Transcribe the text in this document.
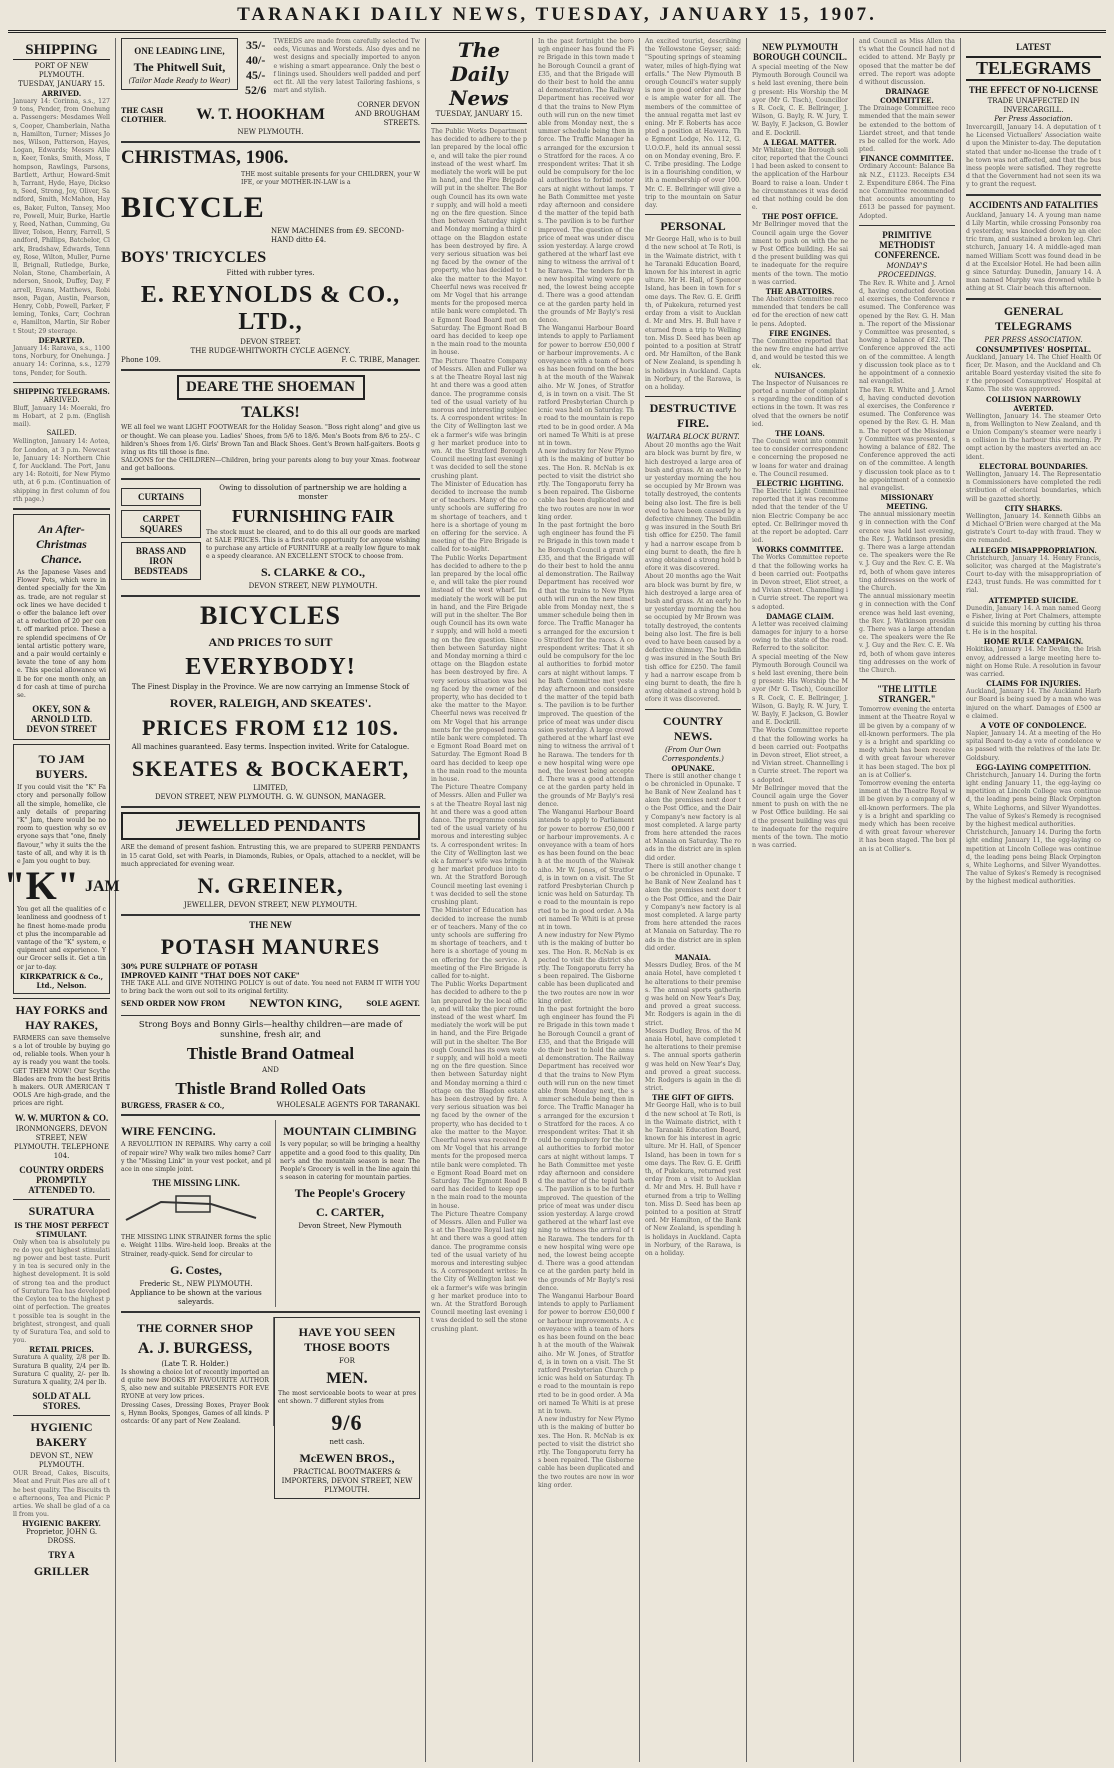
TARANAKI DAILY NEWS, TUESDAY, JANUARY 15, 1907.
SHIPPING
PORT OF NEW PLYMOUTH.
TUESDAY, JANUARY 15.
ARRIVED.
January 14: Corinna, s.s., 1279 tons, Pender, from Onehunga. Passengers: Mesdames Wells, Cooper, Chamberlain, Nathan, Hamilton, Turner; Misses Jones, Wilson, Patterson, Hayes, Logan, Edwards; Messrs Allen, Keer, Tonks, Smith, Moss, Thompson, Rawlings, Parsons, Bartlett, Arthur, Howard-Smith, Tarrant, Hyde, Haye, Dickson, Seed, Strong, Joy, Oliver, Sandford, Smith, McMahon, Hayes, Baker, Fulton, Tansey, Moore, Powell, Muir, Burke, Hartley, Reed, Nathan, Cumming, Gulliver, Tolson, Henry, Farrell, Sandford, Phillips, Batchelor, Clark, Bradshaw, Edwards, Tenney, Rose, Wilton, Muller, Purnell, Brignall, Rutledge, Burke, Nolan, Stone, Chamberlain, Anderson, Snook, Duffey, Day, Farrell, Evans, Matthews, Robinson, Pagan, Austin, Pearson, Henry, Cobb, Powell, Parker, Fleming, Tonks, Carr, Cochrane, Hamilton, Martin, Sir Robert Stout; 29 steerage.
DEPARTED.
January 14: Rarawa, s.s., 1100 tons, Norbury, for Onehunga. January 14: Corinna, s.s., 1279 tons, Pender, for South.
SHIPPING TELEGRAMS.
ARRIVED.
Bluff, January 14: Moeraki, from Hobart, at 2 p.m. (English mail).
SAILED.
Wellington, January 14: Aotea, for London, at 3 p.m. Newcastle, January 14: Northern Chief, for Auckland. The Port, January 14: Rotoiti, for New Plymouth, at 6 p.m. (Continuation of shipping in first column of fourth page.)
An After-Christmas Chance.
As the Japanese Vases and Flower Pots, which were indented specially for the Xmas. trade, are not regular stock lines we have decided to offer the balance left over at a reduction of 20 per cent. off marked price. These are splendid specimens of Oriental artistic pottery ware, and a pair would certainly elevate the tone of any home. This special allowance will be for one month only, and for cash at time of purchase.
OKEY, SON & ARNOLD LTD. DEVON STREET
TO JAM BUYERS.
If you could visit the "K" Factory and personally follow all the simple, homelike, cleanly details of preparing "K" Jam, there would be no room to question why so everyone says that "one, finely flavour," why it suits the the taste of all, and why it is the Jam you ought to buy.
"K" JAM
You get all the qualities of cleanliness and goodness of the finest home-made product plus the incomparable advantage of the "K" system, equipment and experience. Your Grocer sells it. Get a tin or jar to-day.
KIRKPATRICK & Co., Ltd., Nelson.
HAY FORKS and HAY RAKES,
FARMERS can save themselves a lot of trouble by buying good, reliable tools. When your hay is ready you want the tools. GET THEM NOW! Our Scythe Blades are from the best British makers. OUR AMERICAN TOOLS Are high-grade, and the prices are right.
W. W. MURTON & CO.
IRONMONGERS, DEVON STREET, NEW PLYMOUTH. TELEPHONE 104.
COUNTRY ORDERS PROMPTLY ATTENDED TO.
SURATURA
IS THE MOST PERFECT STIMULANT.
Only when tea is absolutely pure do you get highest stimulating power and best taste. Purity in tea is secured only in the highest development. It is sold of strong tea and the product of Suratura Tea has developed the Ceylon tea to the highest point of perfection. The greatest possible tea is sought in the brightest, strongest, and quality of Suratura Tea, and sold to you.
RETAIL PRICES.
Suratura A quality, 2/8 per lb. Suratura B quality, 2/4 per lb. Suratura C quality, 2/- per lb. Suratura X quality, 2/4 per lb.
SOLD AT ALL STORES.
HYGIENIC BAKERY
DEVON ST., NEW PLYMOUTH.
OUR Bread, Cakes, Biscuits, Meat and Fruit Pies are all of the best quality. The Biscuits the afternoons, Tea and Picnic Parties. We shall be glad of a call from you.
HYGIENIC BAKERY.
Proprietor, JOHN G. DROSS.
TRY A
GRILLER
ONE LEADING LINE,
The Phitwell Suit,
(Tailor Made Ready to Wear)
35/-
40/-
45/-
52/6
TWEEDS are made from carefully selected Tweeds, Vicunas and Worsteds. Also dyes and newest designs and specially imported to anyone wishing a smart appearance. Only the best of linings used. Shoulders well padded and perfect fit. All the very latest Tailoring fashions, smart and stylish.
THE CASH CLOTHIER. W. T. HOOKHAM
CORNER DEVON AND BROUGHAM STREETS.
NEW PLYMOUTH.
CHRISTMAS, 1906.
THE most suitable presents for your CHILDREN, your WIFE, or your MOTHER-IN-LAW is a
BICYCLE
NEW MACHINES from £9. SECOND-HAND ditto £4.
BOYS' TRICYCLES
Fitted with rubber tyres.
E. REYNOLDS & CO., LTD.,
DEVON STREET.
THE RUDGE-WHITWORTH CYCLE AGENCY.
Phone 109.	F. C. TRIBE, Manager.
DEARE THE SHOEMAN
TALKS!
WE all feel we want LIGHT FOOTWEAR for the Holiday Season. "Boss right along" and give us or thought. We can please you. Ladies' Shoes, from 5/6 to 18/6. Men's Boots from 8/6 to 25/-. Children's Shoes from 1/6. Girls' Brown Tan and Black Shoes. Gent's Brown half-gaiters. Boots giving us fits till those is fine.
SALOONS for the CHILDREN—Children, bring your parents along to buy your Xmas. footwear and get balloons.
CURTAINS
CARPET SQUARES
BRASS AND IRON BEDSTEADS
Owing to dissolution of partnership we are holding a monster
FURNISHING FAIR
The stock must be cleared, and to do this all our goods are marked at SALE PRICES. This is a first-rate opportunity for anyone wishing to purchase any article of FURNITURE at a really low figure to make a speedy clearance. AN EXCELLENT STOCK to choose from.
S. CLARKE & CO.,
DEVON STREET, NEW PLYMOUTH.
BICYCLES
AND PRICES TO SUIT
EVERYBODY!
The Finest Display in the Province. We are now carrying an Immense Stock of
ROVER, RALEIGH, AND SKEATES'.
PRICES FROM £12 10S.
All machines guaranteed. Easy terms. Inspection invited. Write for Catalogue.
SKEATES & BOCKAERT,
LIMITED,
DEVON STREET, NEW PLYMOUTH. G. W. GUNSON, MANAGER.
JEWELLED PENDANTS
ARE the demand of present fashion. Entrusting this, we are prepared to SUPERB PENDANTS in 15 carat Gold, set with Pearls, in Diamonds, Rubies, or Opals, attached to a necklet, will be much appreciated for evening wear.
N. GREINER,
JEWELLER, DEVON STREET, NEW PLYMOUTH.
THE NEW
POTASH MANURES
30% PURE SULPHATE OF POTASH
IMPROVED KAINIT "THAT DOES NOT CAKE"
THE TAKE ALL and GIVE NOTHING POLICY is out of date. You need not FARM IT WITH YOU to bring back the worn out soil to its original fertility.
SEND ORDER NOW FROM NEWTON KING,	SOLE AGENT.
Strong Boys and Bonny Girls—healthy children—are made of sunshine, fresh air, and
Thistle Brand Oatmeal
AND
Thistle Brand Rolled Oats
BURGESS, FRASER & CO.,	WHOLESALE AGENTS FOR TARANAKI.
WIRE FENCING.
A REVOLUTION IN REPAIRS. Why carry a coil of repair wire? Why walk two miles home? Carry the "Missing Link" in your vest pocket, and place in one simple joint.
THE MISSING LINK.
THE MISSING LINK STRAINER forms the splice. Weight 11lbs. Wire-held loop. Breaks at the Strainer, ready-quick. Send for circular to
G. Costes,
Frederic St., NEW PLYMOUTH.
Appliance to be shown at the various saleyards.
MOUNTAIN CLIMBING
Is very popular, so will be bringing a healthy appetite and a good food to this quality, Dinner's and the mountain season is near. The People's Grocery is well in the line again this season in catering for mountain parties.
The People's Grocery
C. CARTER,
Devon Street, New Plymouth
THE CORNER SHOP
A. J. BURGESS,
(Late T. R. Holder.)
Is showing a choice lot of recently imported and quite new BOOKS BY FAVOURITE AUTHORS, also new and suitable PRESENTS FOR EVERYONE at very low prices.
Dressing Cases, Dressing Boxes, Prayer Books, Hymn Books, Sponges, Games of all kinds. Postcards: Of any part of New Zealand.
HAVE YOU SEEN THOSE BOOTS
FOR
MEN.
The most serviceable boots to wear at present shown. 7 different styles from
9/6
nett cash.
McEWEN BROS.,
PRACTICAL BOOTMAKERS & IMPORTERS, DEVON STREET, NEW PLYMOUTH.
The Daily News
TUESDAY, JANUARY 15.
The Public Works Department has decided to adhere to the plan prepared by the local office, and will take the pier round instead of the west wharf. Immediately the work will be put in hand, and the Fire Brigade will put in the shelter. The Borough Council has its own water supply, and will hold a meeting on the fire question. Since then between Saturday night and Monday morning a third cottage on the Blagdon estate has been destroyed by fire. A very serious situation was being faced by the owner of the property, who has decided to take the matter to the Mayor. Cheerful news was received from Mr Vogel that his arrangements for the proposed mercantile bank were completed. The Egmont Road Board met on Saturday. The Egmont Road Board has decided to keep open the main road to the mountain house.
The Picture Theatre Company of Messrs. Allen and Fuller was at the Theatre Royal last night and there was a good attendance. The programme consisted of the usual variety of humorous and interesting subjects. A correspondent writes: In the City of Wellington last week a farmer's wife was bringing her market produce into town. At the Stratford Borough Council meeting last evening it was decided to sell the stone crushing plant.
The Minister of Education has decided to increase the number of teachers. Many of the county schools are suffering from shortage of teachers, and there is a shortage of young men offering for the service. A meeting of the Fire Brigade is called for to-night.
The Public Works Department has decided to adhere to the plan prepared by the local office, and will take the pier round instead of the west wharf. Immediately the work will be put in hand, and the Fire Brigade will put in the shelter. The Borough Council has its own water supply, and will hold a meeting on the fire question. Since then between Saturday night and Monday morning a third cottage on the Blagdon estate has been destroyed by fire. A very serious situation was being faced by the owner of the property, who has decided to take the matter to the Mayor. Cheerful news was received from Mr Vogel that his arrangements for the proposed mercantile bank were completed. The Egmont Road Board met on Saturday. The Egmont Road Board has decided to keep open the main road to the mountain house.
The Picture Theatre Company of Messrs. Allen and Fuller was at the Theatre Royal last night and there was a good attendance. The programme consisted of the usual variety of humorous and interesting subjects. A correspondent writes: In the City of Wellington last week a farmer's wife was bringing her market produce into town. At the Stratford Borough Council meeting last evening it was decided to sell the stone crushing plant.
The Minister of Education has decided to increase the number of teachers. Many of the county schools are suffering from shortage of teachers, and there is a shortage of young men offering for the service. A meeting of the Fire Brigade is called for to-night.
The Public Works Department has decided to adhere to the plan prepared by the local office, and will take the pier round instead of the west wharf. Immediately the work will be put in hand, and the Fire Brigade will put in the shelter. The Borough Council has its own water supply, and will hold a meeting on the fire question. Since then between Saturday night and Monday morning a third cottage on the Blagdon estate has been destroyed by fire. A very serious situation was being faced by the owner of the property, who has decided to take the matter to the Mayor. Cheerful news was received from Mr Vogel that his arrangements for the proposed mercantile bank were completed. The Egmont Road Board met on Saturday. The Egmont Road Board has decided to keep open the main road to the mountain house.
The Picture Theatre Company of Messrs. Allen and Fuller was at the Theatre Royal last night and there was a good attendance. The programme consisted of the usual variety of humorous and interesting subjects. A correspondent writes: In the City of Wellington last week a farmer's wife was bringing her market produce into town. At the Stratford Borough Council meeting last evening it was decided to sell the stone crushing plant.
In the past fortnight the borough engineer has found the Fire Brigade in this town made the Borough Council a grant of £35, and that the Brigade will do their best to hold the annual demonstration. The Railway Department has received word that the trains to New Plymouth will run on the new timetable from Monday next, the summer schedule being then in force. The Traffic Manager has arranged for the excursion to Stratford for the races. A correspondent writes: That it should be compulsory for the local authorities to forbid motor cars at night without lamps. The Bath Committee met yesterday afternoon and considered the matter of the tepid baths. The pavilion is to be further improved. The question of the price of meat was under discussion yesterday. A large crowd gathered at the wharf last evening to witness the arrival of the Rarawa. The tenders for the new hospital wing were opened, the lowest being accepted. There was a good attendance at the garden party held in the grounds of Mr Bayly's residence.
The Wanganui Harbour Board intends to apply to Parliament for power to borrow £50,000 for harbour improvements. A conveyance with a team of horses has been found on the beach at the mouth of the Waiwakaiho. Mr W. Jones, of Stratford, is in town on a visit. The Stratford Presbyterian Church picnic was held on Saturday. The road to the mountain is reported to be in good order. A Maori named Te Whiti is at present in town.
A new industry for New Plymouth is the making of butter boxes. The Hon. R. McNab is expected to visit the district shortly. The Tongaporutu ferry has been repaired. The Gisborne cable has been duplicated and the two routes are now in working order.
In the past fortnight the borough engineer has found the Fire Brigade in this town made the Borough Council a grant of £35, and that the Brigade will do their best to hold the annual demonstration. The Railway Department has received word that the trains to New Plymouth will run on the new timetable from Monday next, the summer schedule being then in force. The Traffic Manager has arranged for the excursion to Stratford for the races. A correspondent writes: That it should be compulsory for the local authorities to forbid motor cars at night without lamps. The Bath Committee met yesterday afternoon and considered the matter of the tepid baths. The pavilion is to be further improved. The question of the price of meat was under discussion yesterday. A large crowd gathered at the wharf last evening to witness the arrival of the Rarawa. The tenders for the new hospital wing were opened, the lowest being accepted. There was a good attendance at the garden party held in the grounds of Mr Bayly's residence.
The Wanganui Harbour Board intends to apply to Parliament for power to borrow £50,000 for harbour improvements. A conveyance with a team of horses has been found on the beach at the mouth of the Waiwakaiho. Mr W. Jones, of Stratford, is in town on a visit. The Stratford Presbyterian Church picnic was held on Saturday. The road to the mountain is reported to be in good order. A Maori named Te Whiti is at present in town.
A new industry for New Plymouth is the making of butter boxes. The Hon. R. McNab is expected to visit the district shortly. The Tongaporutu ferry has been repaired. The Gisborne cable has been duplicated and the two routes are now in working order.
In the past fortnight the borough engineer has found the Fire Brigade in this town made the Borough Council a grant of £35, and that the Brigade will do their best to hold the annual demonstration. The Railway Department has received word that the trains to New Plymouth will run on the new timetable from Monday next, the summer schedule being then in force. The Traffic Manager has arranged for the excursion to Stratford for the races. A correspondent writes: That it should be compulsory for the local authorities to forbid motor cars at night without lamps. The Bath Committee met yesterday afternoon and considered the matter of the tepid baths. The pavilion is to be further improved. The question of the price of meat was under discussion yesterday. A large crowd gathered at the wharf last evening to witness the arrival of the Rarawa. The tenders for the new hospital wing were opened, the lowest being accepted. There was a good attendance at the garden party held in the grounds of Mr Bayly's residence.
The Wanganui Harbour Board intends to apply to Parliament for power to borrow £50,000 for harbour improvements. A conveyance with a team of horses has been found on the beach at the mouth of the Waiwakaiho. Mr W. Jones, of Stratford, is in town on a visit. The Stratford Presbyterian Church picnic was held on Saturday. The road to the mountain is reported to be in good order. A Maori named Te Whiti is at present in town.
A new industry for New Plymouth is the making of butter boxes. The Hon. R. McNab is expected to visit the district shortly. The Tongaporutu ferry has been repaired. The Gisborne cable has been duplicated and the two routes are now in working order.
An excited tourist, describing the Yellowstone Geyser, said: "Spouting springs of steaming water, miles of high-flying waterfalls." The New Plymouth Borough Council's water supply is now in good order and there is ample water for all. The members of the committee of the annual regatta met last evening. Mr F. Roberts has accepted a position at Hawera. The Egmont Lodge, No. 112, G.U.O.O.F., held its annual session on Monday evening, Bro. F. C. Tribe presiding. The Lodge is in a flourishing condition, with a membership of over 100. Mr. C. E. Bellringer will give a trip to the mountain on Saturday.
PERSONAL
Mr George Hall, who is to build the new school at Te Roti, is in the Waimate district, with the Taranaki Education Board, known for his interest in agriculture. Mr H. Hall, of Spencer Island, has been in town for some days. The Rev. G. E. Griffith, of Pukekura, returned yesterday from a visit to Auckland. Mr and Mrs. H. Bull have returned from a trip to Wellington. Miss D. Seed has been appointed to a position at Stratford. Mr Hamilton, of the Bank of New Zealand, is spending his holidays in Auckland. Captain Norbury, of the Rarawa, is on a holiday.
DESTRUCTIVE FIRE.
WAITARA BLOCK BURNT.
About 20 months ago the Waitara block was burnt by fire, which destroyed a large area of bush and grass. At an early hour yesterday morning the house occupied by Mr Brown was totally destroyed, the contents being also lost. The fire is believed to have been caused by a defective chimney. The building was insured in the South British office for £250. The family had a narrow escape from being burnt to death, the fire having obtained a strong hold before it was discovered.
About 20 months ago the Waitara block was burnt by fire, which destroyed a large area of bush and grass. At an early hour yesterday morning the house occupied by Mr Brown was totally destroyed, the contents being also lost. The fire is believed to have been caused by a defective chimney. The building was insured in the South British office for £250. The family had a narrow escape from being burnt to death, the fire having obtained a strong hold before it was discovered.
COUNTRY NEWS.
(From Our Own Correspondents.)
OPUNAKE.
There is still another change to be chronicled in Opunake. The Bank of New Zealand has taken the premises next door to the Post Office, and the Dairy Company's new factory is almost completed. A large party from here attended the races at Manaia on Saturday. The roads in the district are in splendid order.
There is still another change to be chronicled in Opunake. The Bank of New Zealand has taken the premises next door to the Post Office, and the Dairy Company's new factory is almost completed. A large party from here attended the races at Manaia on Saturday. The roads in the district are in splendid order.
MANAIA.
Messrs Dudley, Bros. of the Manaia Hotel, have completed the alterations to their premises. The annual sports gathering was held on New Year's Day, and proved a great success. Mr. Rodgers is again in the district.
Messrs Dudley, Bros. of the Manaia Hotel, have completed the alterations to their premises. The annual sports gathering was held on New Year's Day, and proved a great success. Mr. Rodgers is again in the district.
THE GIFT OF GIFTS.
Mr George Hall, who is to build the new school at Te Roti, is in the Waimate district, with the Taranaki Education Board, known for his interest in agriculture. Mr H. Hall, of Spencer Island, has been in town for some days. The Rev. G. E. Griffith, of Pukekura, returned yesterday from a visit to Auckland. Mr and Mrs. H. Bull have returned from a trip to Wellington. Miss D. Seed has been appointed to a position at Stratford. Mr Hamilton, of the Bank of New Zealand, is spending his holidays in Auckland. Captain Norbury, of the Rarawa, is on a holiday.
NEW PLYMOUTH BOROUGH COUNCIL.
A special meeting of the New Plymouth Borough Council was held last evening, there being present: His Worship the Mayor (Mr G. Tisch), Councillors R. Cock, C. E. Bellringer, J. Wilson, G. Bayly, R. W. Jury, T. W. Bayly, F. Jackson, G. Bowler and E. Dockrill.
A LEGAL MATTER.
Mr Whitaker, the Borough solicitor, reported that the Council had been asked to consent to the application of the Harbour Board to raise a loan. Under the circumstances it was decided that nothing could be done.
THE POST OFFICE.
Mr Bellringer moved that the Council again urge the Government to push on with the new Post Office building. He said the present building was quite inadequate for the requirements of the town. The motion was carried.
THE ABATTOIRS.
The Abattoirs Committee recommended that tenders be called for the erection of new cattle pens. Adopted.
FIRE ENGINES.
The Committee reported that the new fire engine had arrived, and would be tested this week.
NUISANCES.
The Inspector of Nuisances reported a number of complaints regarding the condition of sections in the town. It was resolved that the owners be notified.
THE LOANS.
The Council went into committee to consider correspondence concerning the proposed new loans for water and drainage. The Council resumed.
ELECTRIC LIGHTING.
The Electric Light Committee reported that it was recommended that the tender of the Union Electric Company be accepted. Cr. Bellringer moved that the report be adopted. Carried.
WORKS COMMITTEE.
The Works Committee reported that the following works had been carried out: Footpaths in Devon street, Eliot street, and Vivian street. Channelling in Currie street. The report was adopted.
DAMAGE CLAIM.
A letter was received claiming damages for injury to a horse owing to the state of the road. Referred to the solicitor.
A special meeting of the New Plymouth Borough Council was held last evening, there being present: His Worship the Mayor (Mr G. Tisch), Councillors R. Cock, C. E. Bellringer, J. Wilson, G. Bayly, R. W. Jury, T. W. Bayly, F. Jackson, G. Bowler and E. Dockrill.
The Works Committee reported that the following works had been carried out: Footpaths in Devon street, Eliot street, and Vivian street. Channelling in Currie street. The report was adopted.
Mr Bellringer moved that the Council again urge the Government to push on with the new Post Office building. He said the present building was quite inadequate for the requirements of the town. The motion was carried.
and Council as Miss Allen that's what the Council had not decided to attend. Mr Bayly proposed that the matter be deferred. The report was adopted without discussion.
DRAINAGE COMMITTEE.
The Drainage Committee recommended that the main sewer be extended to the bottom of Liardet street, and that tenders be called for the work. Adopted.
FINANCE COMMITTEE.
Ordinary Account: Balance Bank N.Z., £1123. Receipts £342. Expenditure £864. The Finance Committee recommended that accounts amounting to £613 be passed for payment. Adopted.
PRIMITIVE METHODIST CONFERENCE.
MONDAY'S PROCEEDINGS.
The Rev. R. White and J. Arnold, having conducted devotional exercises, the Conference resumed. The Conference was opened by the Rev. G. H. Mann. The report of the Missionary Committee was presented, showing a balance of £82. The Conference approved the action of the committee. A lengthy discussion took place as to the appointment of a connexional evangelist.
The Rev. R. White and J. Arnold, having conducted devotional exercises, the Conference resumed. The Conference was opened by the Rev. G. H. Mann. The report of the Missionary Committee was presented, showing a balance of £82. The Conference approved the action of the committee. A lengthy discussion took place as to the appointment of a connexional evangelist.
MISSIONARY MEETING.
The annual missionary meeting in connection with the Conference was held last evening, the Rev. J. Watkinson presiding. There was a large attendance. The speakers were the Rev. J. Guy and the Rev. C. E. Ward, both of whom gave interesting addresses on the work of the Church.
The annual missionary meeting in connection with the Conference was held last evening, the Rev. J. Watkinson presiding. There was a large attendance. The speakers were the Rev. J. Guy and the Rev. C. E. Ward, both of whom gave interesting addresses on the work of the Church.
"THE LITTLE STRANGER."
Tomorrow evening the entertainment at the Theatre Royal will be given by a company of well-known performers. The play is a bright and sparkling comedy which has been received with great favour wherever it has been staged. The box plan is at Collier's.
Tomorrow evening the entertainment at the Theatre Royal will be given by a company of well-known performers. The play is a bright and sparkling comedy which has been received with great favour wherever it has been staged. The box plan is at Collier's.
LATEST
TELEGRAMS
THE EFFECT OF NO-LICENSE
TRADE UNAFFECTED IN INVERCARGILL.
Per Press Association.
Invercargill, January 14. A deputation of the Licensed Victuallers' Association waited upon the Minister to-day. The deputation stated that under no-license the trade of the town was not affected, and that the business people were satisfied. They regretted that the Government had not seen its way to grant the request.
ACCIDENTS AND FATALITIES
Auckland, January 14. A young man named Lily Martin, while crossing Ponsonby road yesterday, was knocked down by an electric tram, and sustained a broken leg. Christchurch, January 14. A middle-aged man named William Scott was found dead in bed at the Excelsior Hotel. He had been ailing since Saturday. Dunedin, January 14. A man named Murphy was drowned while bathing at St. Clair beach this afternoon.
GENERAL TELEGRAMS
PER PRESS ASSOCIATION.
CONSUMPTIVES' HOSPITAL.
Auckland, January 14. The Chief Health Officer, Dr. Mason, and the Auckland and Charitable Board yesterday visited the site for the proposed Consumptives' Hospital at Kamo. The site was approved.
COLLISION NARROWLY AVERTED.
Wellington, January 14. The steamer Orton, from Wellington to New Zealand, and the Union Company's steamer were nearly in collision in the harbour this morning. Prompt action by the masters averted an accident.
ELECTORAL BOUNDARIES.
Wellington, January 14. The Representation Commissioners have completed the redistribution of electoral boundaries, which will be gazetted shortly.
CITY SHARKS.
Wellington, January 14. Kenneth Gibbs and Michael O'Brien were charged at the Magistrate's Court to-day with fraud. They were remanded.
ALLEGED MISAPPROPRIATION.
Christchurch, January 14. Henry Francis, solicitor, was charged at the Magistrate's Court to-day with the misappropriation of £243, trust funds. He was committed for trial.
ATTEMPTED SUICIDE.
Dunedin, January 14. A man named George Fisher, living at Port Chalmers, attempted suicide this morning by cutting his throat. He is in the hospital.
HOME RULE CAMPAIGN.
Hokitika, January 14. Mr Devlin, the Irish envoy, addressed a large meeting here to-night on Home Rule. A resolution in favour was carried.
CLAIMS FOR INJURIES.
Auckland, January 14. The Auckland Harbour Board is being sued by a man who was injured on the wharf. Damages of £500 are claimed.
A VOTE OF CONDOLENCE.
Napier, January 14. At a meeting of the Hospital Board to-day a vote of condolence was passed with the relatives of the late Dr. Goldsbury.
EGG-LAYING COMPETITION.
Christchurch, January 14. During the fortnight ending January 11, the egg-laying competition at Lincoln College was continued, the leading pens being Black Orpingtons, White Leghorns, and Silver Wyandottes. The value of Sykes's Remedy is recognised by the highest medical authorities.
Christchurch, January 14. During the fortnight ending January 11, the egg-laying competition at Lincoln College was continued, the leading pens being Black Orpingtons, White Leghorns, and Silver Wyandottes. The value of Sykes's Remedy is recognised by the highest medical authorities.
